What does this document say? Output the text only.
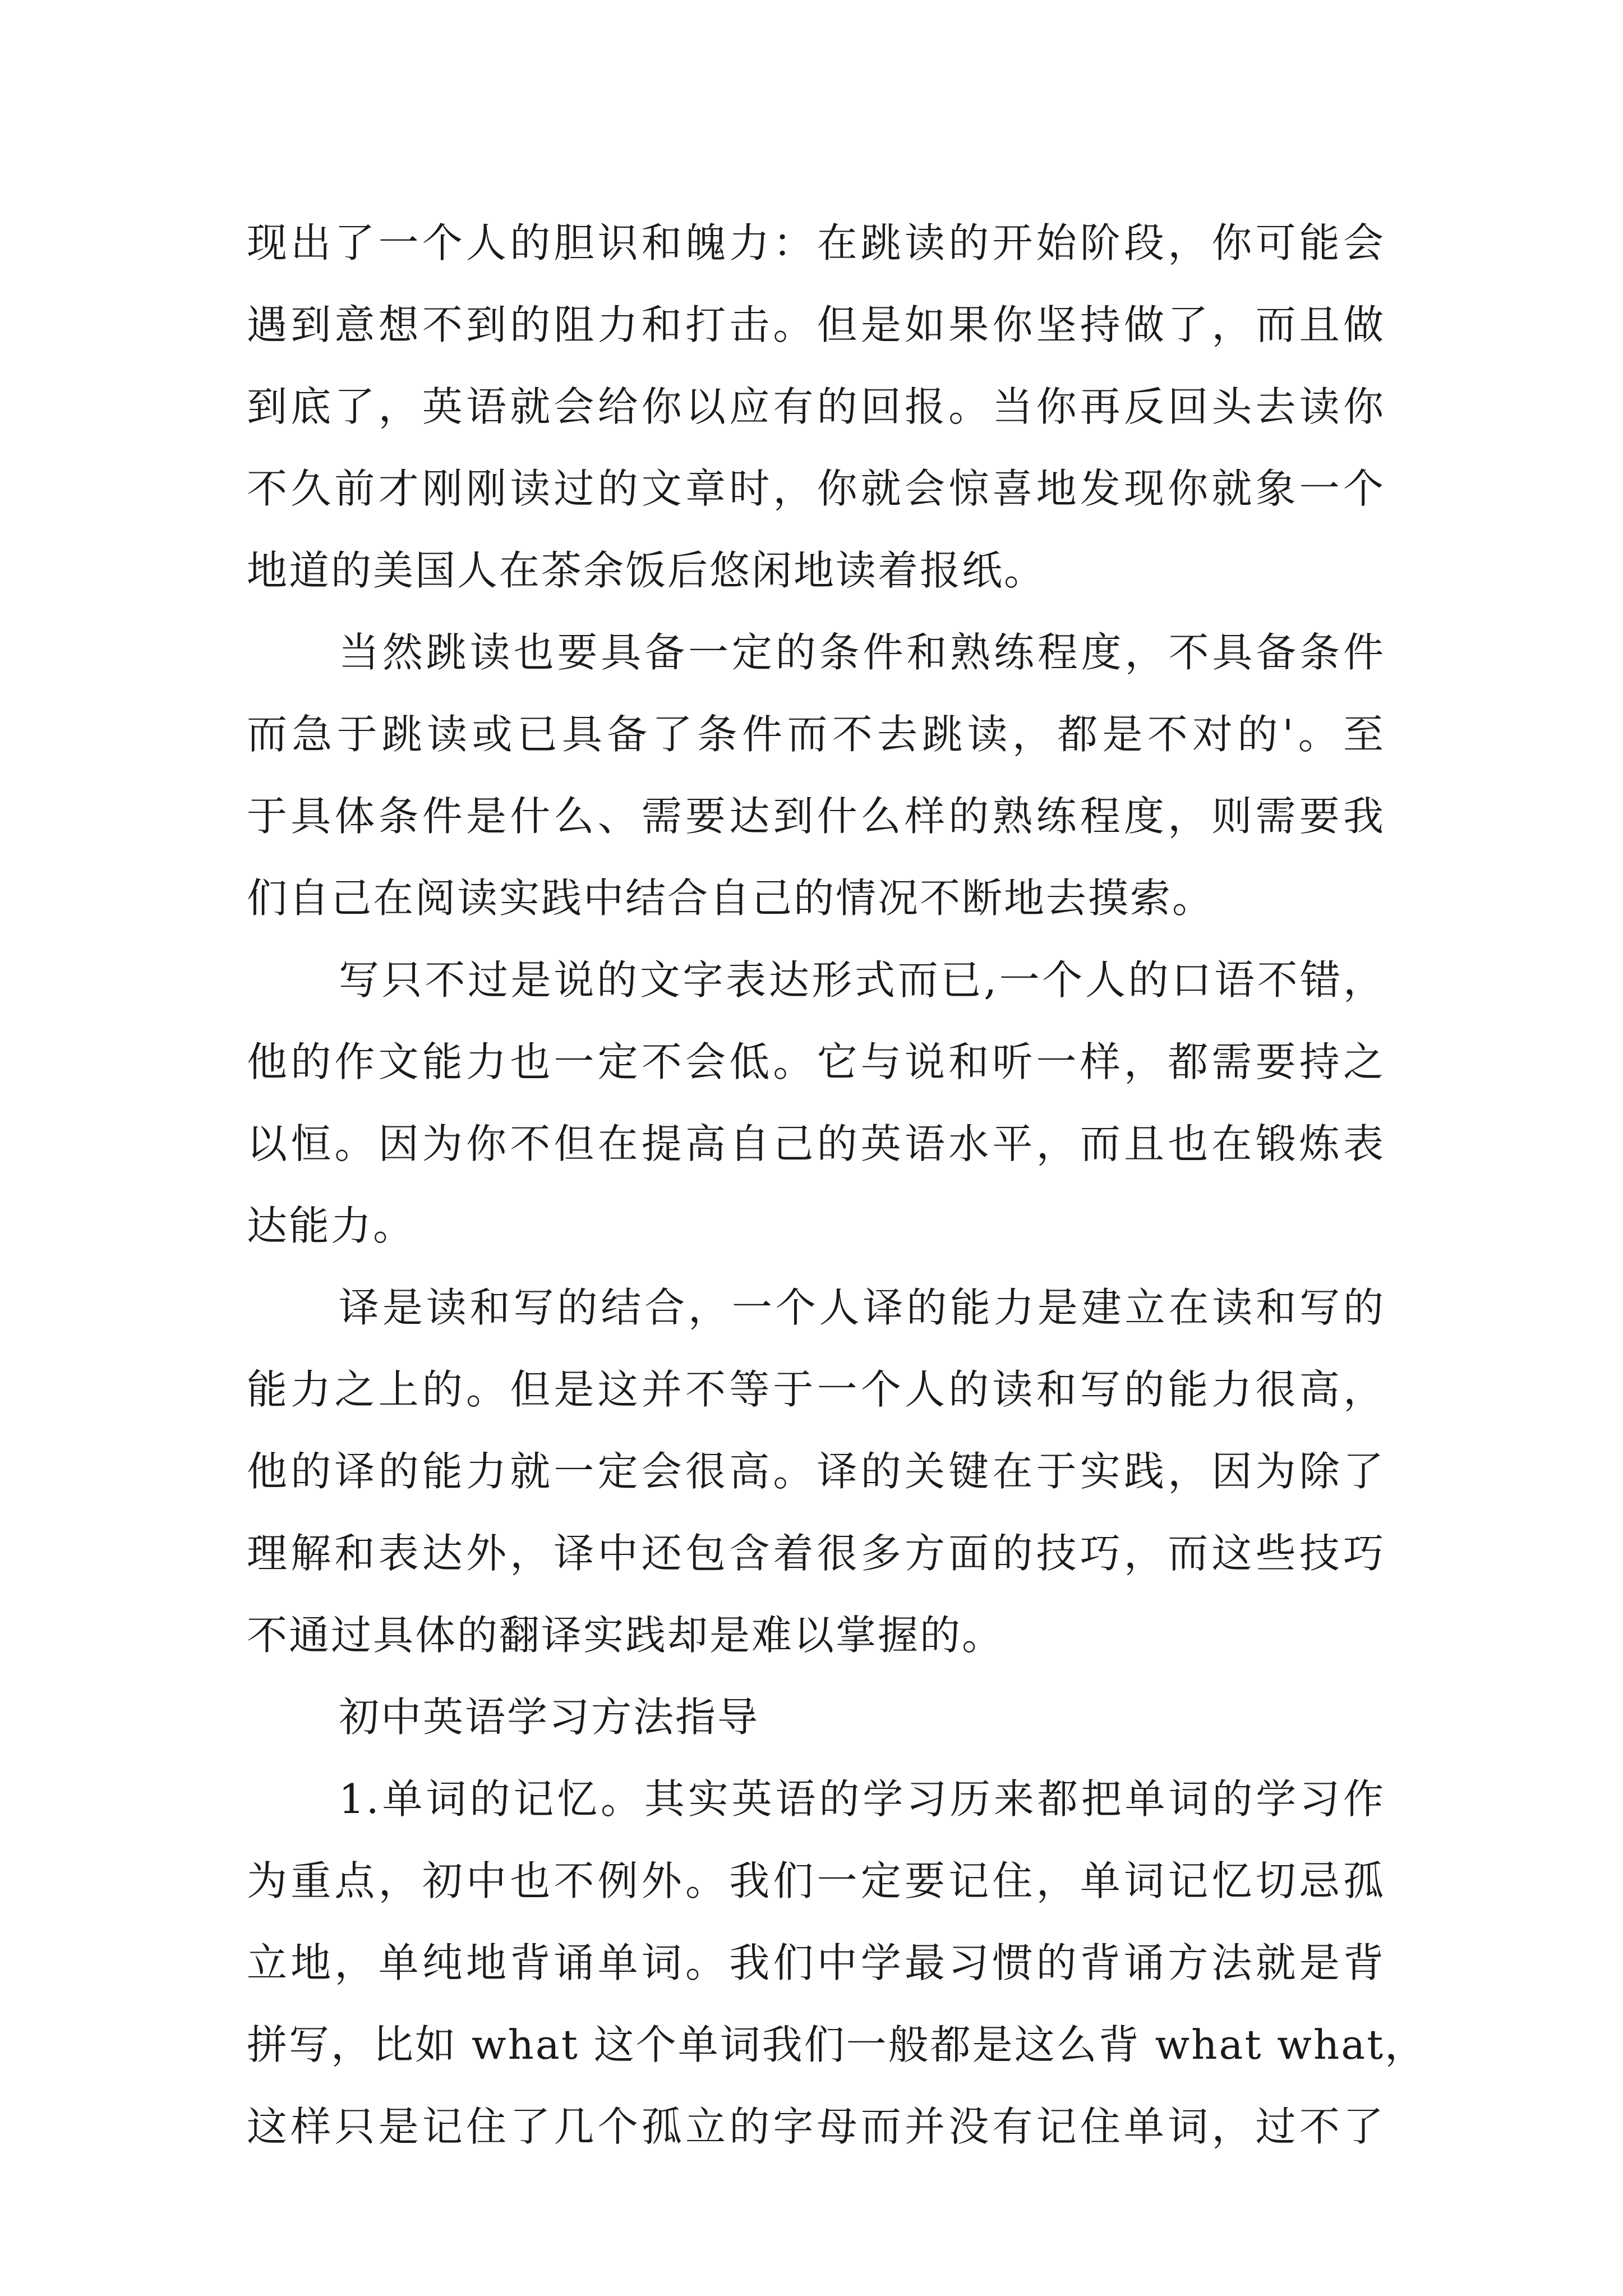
现出了一个人的胆识和魄力：在跳读的开始阶段，你可能会
遇到意想不到的阻力和打击。但是如果你坚持做了，而且做
到底了，英语就会给你以应有的回报。当你再反回头去读你
不久前才刚刚读过的文章时，你就会惊喜地发现你就象一个
地道的美国人在茶余饭后悠闲地读着报纸。
当然跳读也要具备一定的条件和熟练程度，不具备条件
而急于跳读或已具备了条件而不去跳读，都是不对的'。至
于具体条件是什么、需要达到什么样的熟练程度，则需要我
们自己在阅读实践中结合自己的情况不断地去摸索。
写只不过是说的文字表达形式而已,一个人的口语不错，
他的作文能力也一定不会低。它与说和听一样，都需要持之
以恒。因为你不但在提高自己的英语水平，而且也在锻炼表
达能力。
译是读和写的结合，一个人译的能力是建立在读和写的
能力之上的。但是这并不等于一个人的读和写的能力很高，
他的译的能力就一定会很高。译的关键在于实践，因为除了
理解和表达外，译中还包含着很多方面的技巧，而这些技巧
不通过具体的翻译实践却是难以掌握的。
初中英语学习方法指导
1.单词的记忆。其实英语的学习历来都把单词的学习作
为重点，初中也不例外。我们一定要记住，单词记忆切忌孤
立地，单纯地背诵单词。我们中学最习惯的背诵方法就是背
拼写，比如 what 这个单词我们一般都是这么背 what what，
这样只是记住了几个孤立的字母而并没有记住单词，过不了
